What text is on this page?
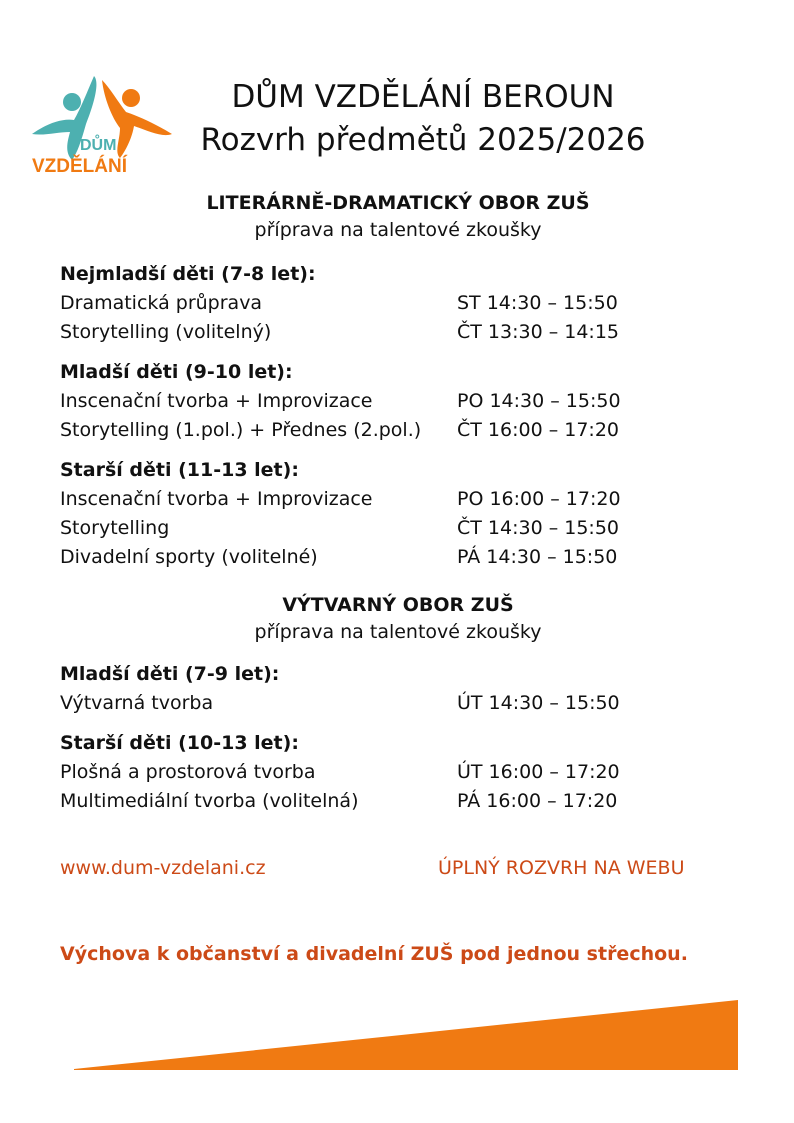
DŮM
VZDĚLÁNÍ
DŮM VZDĚLÁNÍ BEROUN
Rozvrh předmětů 2025/2026
LITERÁRNĚ-DRAMATICKÝ OBOR ZUŠ
příprava na talentové zkoušky
Nejmladší děti (7-8 let):
Dramatická průprava	ST 14:30 – 15:50
Storytelling (volitelný)	ČT 13:30 – 14:15
Mladší děti (9-10 let):
Inscenační tvorba + Improvizace	PO 14:30 – 15:50
Storytelling (1.pol.) + Přednes (2.pol.) ČT 16:00 – 17:20
Starší děti (11-13 let):
Inscenační tvorba + Improvizace	PO 16:00 – 17:20
Storytelling	ČT 14:30 – 15:50
Divadelní sporty (volitelné)	PÁ 14:30 – 15:50
VÝTVARNÝ OBOR ZUŠ
příprava na talentové zkoušky
Mladší děti (7-9 let):
Výtvarná tvorba	ÚT 14:30 – 15:50
Starší děti (10-13 let):
Plošná a prostorová tvorba	ÚT 16:00 – 17:20
Multimediální tvorba (volitelná)	PÁ 16:00 – 17:20
www.dum-vzdelani.cz	ÚPLNÝ ROZVRH NA WEBU
Výchova k občanství a divadelní ZUŠ pod jednou střechou.
